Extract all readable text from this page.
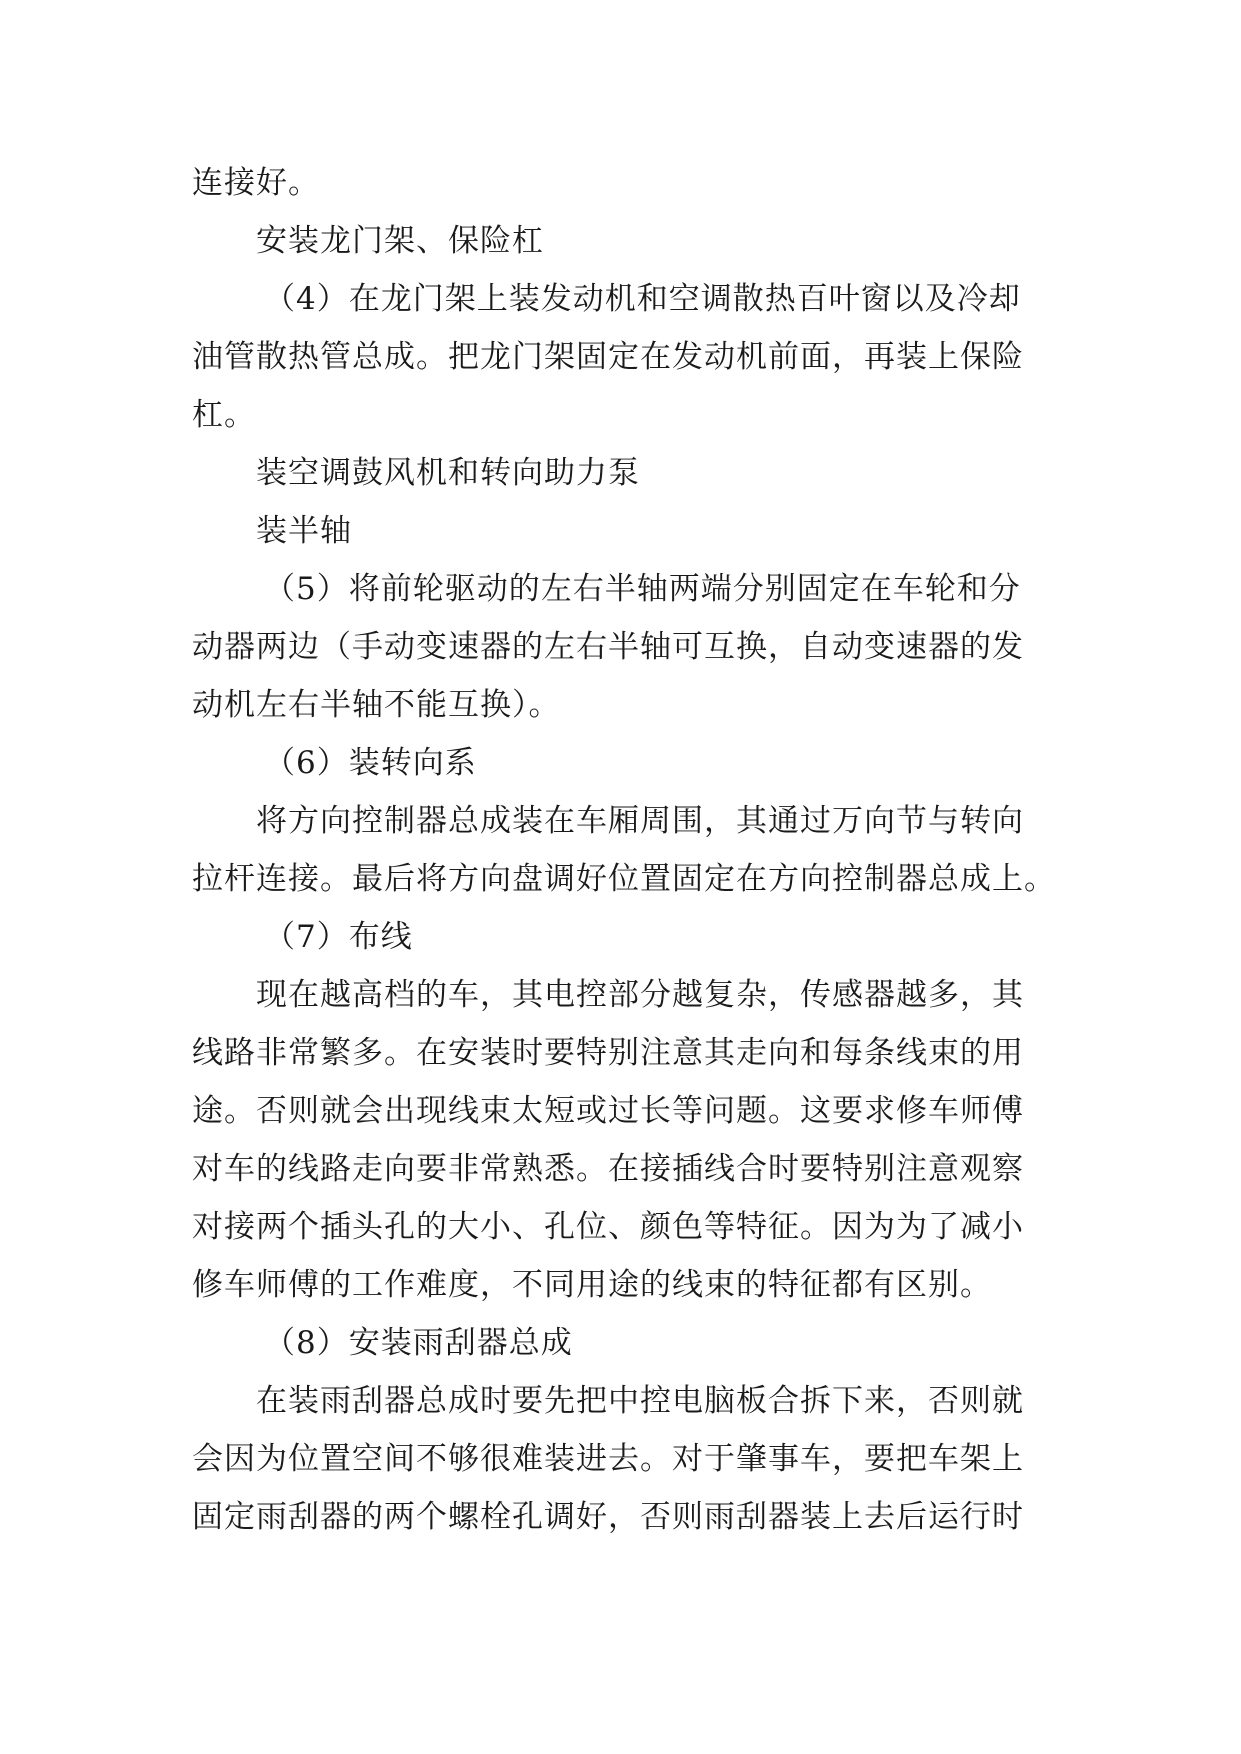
连接好。
安装龙门架、保险杠
（4）在龙门架上装发动机和空调散热百叶窗以及冷却
油管散热管总成。把龙门架固定在发动机前面，再装上保险
杠。
装空调鼓风机和转向助力泵
装半轴
（5）将前轮驱动的左右半轴两端分别固定在车轮和分
动器两边（手动变速器的左右半轴可互换，自动变速器的发
动机左右半轴不能互换）。
（6）装转向系
将方向控制器总成装在车厢周围，其通过万向节与转向
拉杆连接。最后将方向盘调好位置固定在方向控制器总成上。
（7）布线
现在越高档的车，其电控部分越复杂，传感器越多，其
线路非常繁多。在安装时要特别注意其走向和每条线束的用
途。否则就会出现线束太短或过长等问题。这要求修车师傅
对车的线路走向要非常熟悉。在接插线合时要特别注意观察
对接两个插头孔的大小、孔位、颜色等特征。因为为了减小
修车师傅的工作难度，不同用途的线束的特征都有区别。
（8）安装雨刮器总成
在装雨刮器总成时要先把中控电脑板合拆下来，否则就
会因为位置空间不够很难装进去。对于肇事车，要把车架上
固定雨刮器的两个螺栓孔调好，否则雨刮器装上去后运行时
